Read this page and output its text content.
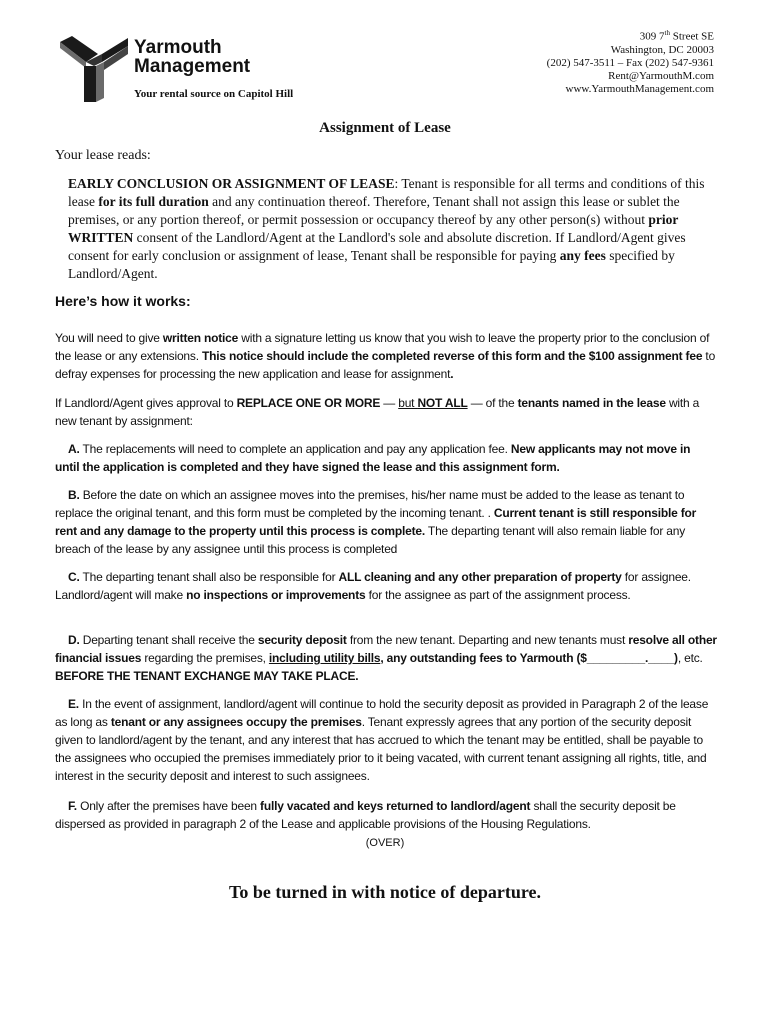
Yarmouth
Management
Your rental source on Capitol Hill
309 7th Street SE
Washington, DC 20003
(202) 547-3511 – Fax (202) 547-9361
Rent@YarmouthM.com
www.YarmouthManagement.com
Assignment of Lease
Your lease reads:
EARLY CONCLUSION OR ASSIGNMENT OF LEASE: Tenant is responsible for all terms and conditions of this lease for its full duration and any continuation thereof. Therefore, Tenant shall not assign this lease or sublet the premises, or any portion thereof, or permit possession or occupancy thereof by any other person(s) without prior WRITTEN consent of the Landlord/Agent at the Landlord's sole and absolute discretion. If Landlord/Agent gives consent for early conclusion or assignment of lease, Tenant shall be responsible for paying any fees specified by Landlord/Agent.
Here’s how it works:
You will need to give written notice with a signature letting us know that you wish to leave the property prior to the conclusion of the lease or any extensions. This notice should include the completed reverse of this form and the $100 assignment fee to defray expenses for processing the new application and lease for assignment.
If Landlord/Agent gives approval to REPLACE ONE OR MORE — but NOT ALL — of the tenants named in the lease with a new tenant by assignment:
A. The replacements will need to complete an application and pay any application fee. New applicants may not move in until the application is completed and they have signed the lease and this assignment form.
B. Before the date on which an assignee moves into the premises, his/her name must be added to the lease as tenant to replace the original tenant, and this form must be completed by the incoming tenant. . Current tenant is still responsible for rent and any damage to the property until this process is complete. The departing tenant will also remain liable for any breach of the lease by any assignee until this process is completed
C. The departing tenant shall also be responsible for ALL cleaning and any other preparation of property for assignee. Landlord/agent will make no inspections or improvements for the assignee as part of the assignment process.
D. Departing tenant shall receive the security deposit from the new tenant. Departing and new tenants must resolve all other financial issues regarding the premises, including utility bills, any outstanding fees to Yarmouth ($_________.____), etc. BEFORE THE TENANT EXCHANGE MAY TAKE PLACE.
E. In the event of assignment, landlord/agent will continue to hold the security deposit as provided in Paragraph 2 of the lease as long as tenant or any assignees occupy the premises. Tenant expressly agrees that any portion of the security deposit given to landlord/agent by the tenant, and any interest that has accrued to which the tenant may be entitled, shall be payable to the assignees who occupied the premises immediately prior to it being vacated, with current tenant assigning all rights, title, and interest in the security deposit and interest to such assignees.
F. Only after the premises have been fully vacated and keys returned to landlord/agent shall the security deposit be dispersed as provided in paragraph 2 of the Lease and applicable provisions of the Housing Regulations.
(OVER)
To be turned in with notice of departure.
